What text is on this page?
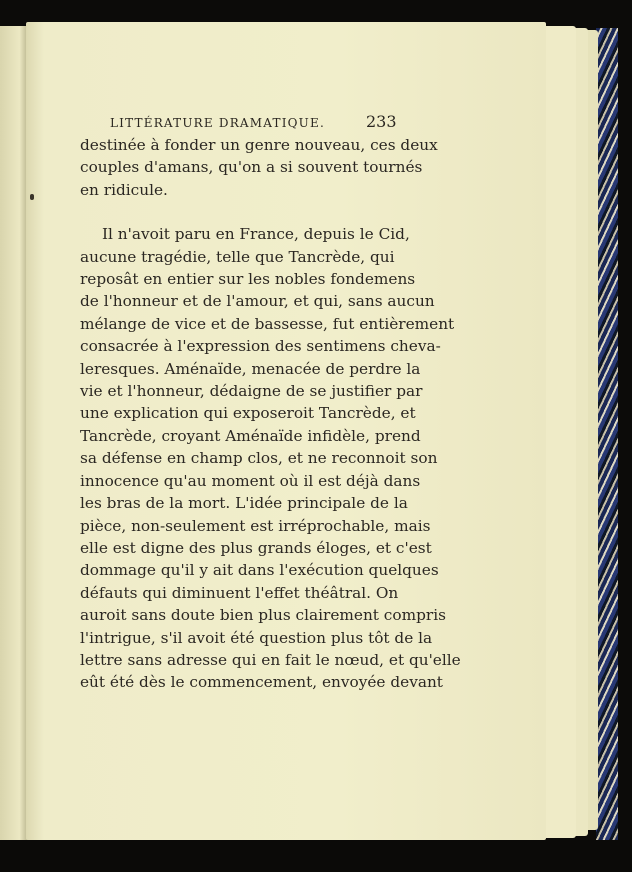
LITTÉRATURE DRAMATIQUE.	233
destinée à fonder un genre nouveau, ces deux
couples d'amans, qu'on a si souvent tournés
en ridicule.
Il n'avoit paru en France, depuis le Cid,
aucune tragédie, telle que Tancrède, qui
reposât en entier sur les nobles fondemens
de l'honneur et de l'amour, et qui, sans aucun
mélange de vice et de bassesse, fut entièrement
consacrée à l'expression des sentimens cheva-
leresques. Aménaïde, menacée de perdre la
vie et l'honneur, dédaigne de se justifier par
une explication qui exposeroit Tancrède, et
Tancrède, croyant Aménaïde infidèle, prend
sa défense en champ clos, et ne reconnoit son
innocence qu'au moment où il est déjà dans
les bras de la mort. L'idée principale de la
pièce, non-seulement est irréprochable, mais
elle est digne des plus grands éloges, et c'est
dommage qu'il y ait dans l'exécution quelques
défauts qui diminuent l'effet théâtral. On
auroit sans doute bien plus clairement compris
l'intrigue, s'il avoit été question plus tôt de la
lettre sans adresse qui en fait le nœud, et qu'elle
eût été dès le commencement, envoyée devant
